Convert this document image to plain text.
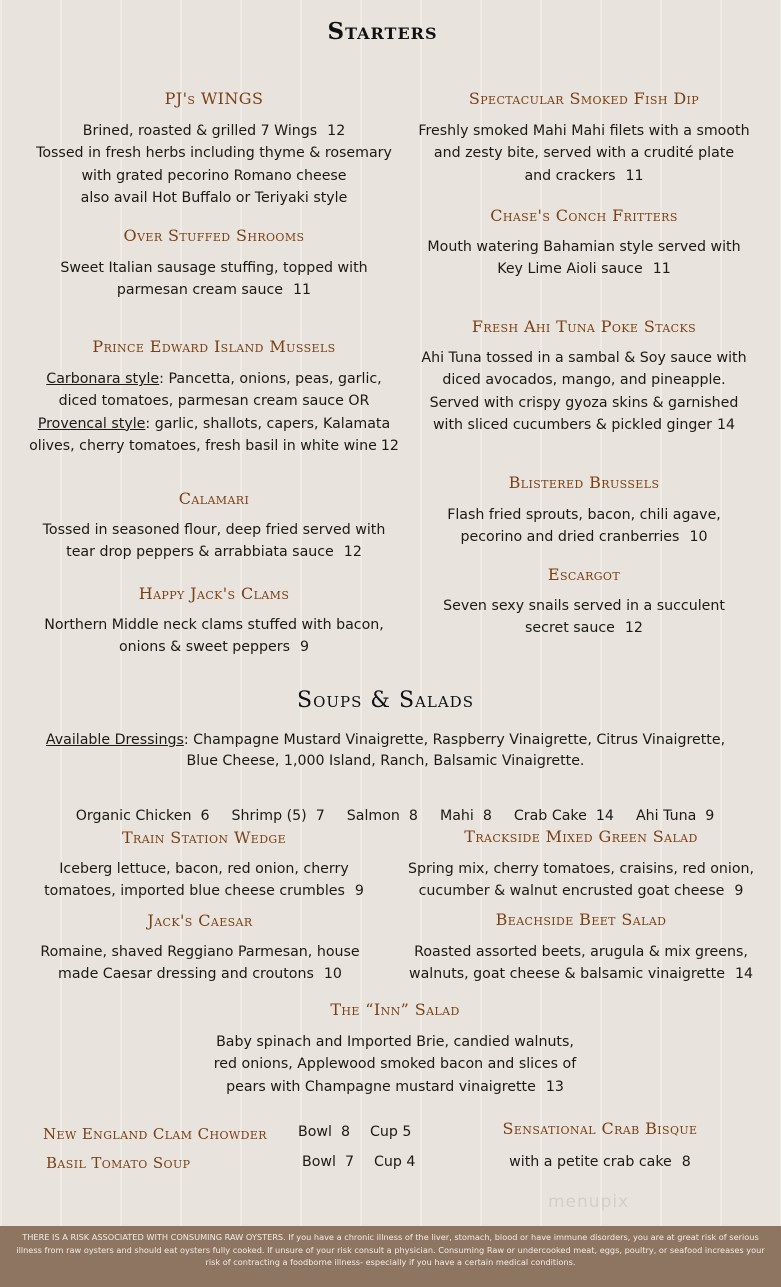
Starters
PJ's WINGS
Brined, roasted & grilled 7 Wings 12
Tossed in fresh herbs including thyme & rosemary
with grated pecorino Romano cheese
also avail Hot Buffalo or Teriyaki style
Spectacular Smoked Fish Dip
Freshly smoked Mahi Mahi filets with a smooth
and zesty bite, served with a crudité plate
and crackers 11
Chase's Conch Fritters
Mouth watering Bahamian style served with
Key Lime Aioli sauce 11
Over Stuffed Shrooms
Sweet Italian sausage stuffing, topped with
parmesan cream sauce 11
Fresh Ahi Tuna Poke Stacks
Ahi Tuna tossed in a sambal & Soy sauce with
diced avocados, mango, and pineapple.
Served with crispy gyoza skins & garnished
with sliced cucumbers & pickled ginger 14
Prince Edward Island Mussels
Carbonara style: Pancetta, onions, peas, garlic,
diced tomatoes, parmesan cream sauce OR
Provencal style: garlic, shallots, capers, Kalamata
olives, cherry tomatoes, fresh basil in white wine 12
Blistered Brussels
Flash fried sprouts, bacon, chili agave,
pecorino and dried cranberries 10
Calamari
Tossed in seasoned flour, deep fried served with
tear drop peppers & arrabbiata sauce 12
Escargot
Seven sexy snails served in a succulent
secret sauce 12
Happy Jack's Clams
Northern Middle neck clams stuffed with bacon,
onions & sweet peppers 9
Soups & Salads
Available Dressings: Champagne Mustard Vinaigrette, Raspberry Vinaigrette, Citrus Vinaigrette,
Blue Cheese, 1,000 Island, Ranch, Balsamic Vinaigrette.

Organic Chicken  6 Shrimp (5)  7 Salmon  8 Mahi  8 Crab Cake  14 Ahi Tuna  9

Train Station Wedge
Iceberg lettuce, bacon, red onion, cherry
tomatoes, imported blue cheese crumbles 9
Trackside Mixed Green Salad
Spring mix, cherry tomatoes, craisins, red onion,
cucumber & walnut encrusted goat cheese 9
Jack's Caesar
Romaine, shaved Reggiano Parmesan, house
made Caesar dressing and croutons 10
Beachside Beet Salad
Roasted assorted beets, arugula & mix greens,
walnuts, goat cheese & balsamic vinaigrette 14
The “Inn” Salad
Baby spinach and Imported Brie, candied walnuts,
red onions, Applewood smoked bacon and slices of
pears with Champagne mustard vinaigrette 13
New England Clam Chowder Bowl  8 Cup 5
Basil Tomato Soup	Bowl  7 Cup 4
Sensational Crab Bisque
with a petite crab cake 8
menupix
THERE IS A RISK ASSOCIATED WITH CONSUMING RAW OYSTERS. If you have a chronic illness of the liver, stomach, blood or have immune disorders, you are at great risk of serious
illness from raw oysters and should eat oysters fully cooked. If unsure of your risk consult a physician. Consuming Raw or undercooked meat, eggs, poultry, or seafood increases your
risk of contracting a foodborne illness- especially if you have a certain medical conditions.
